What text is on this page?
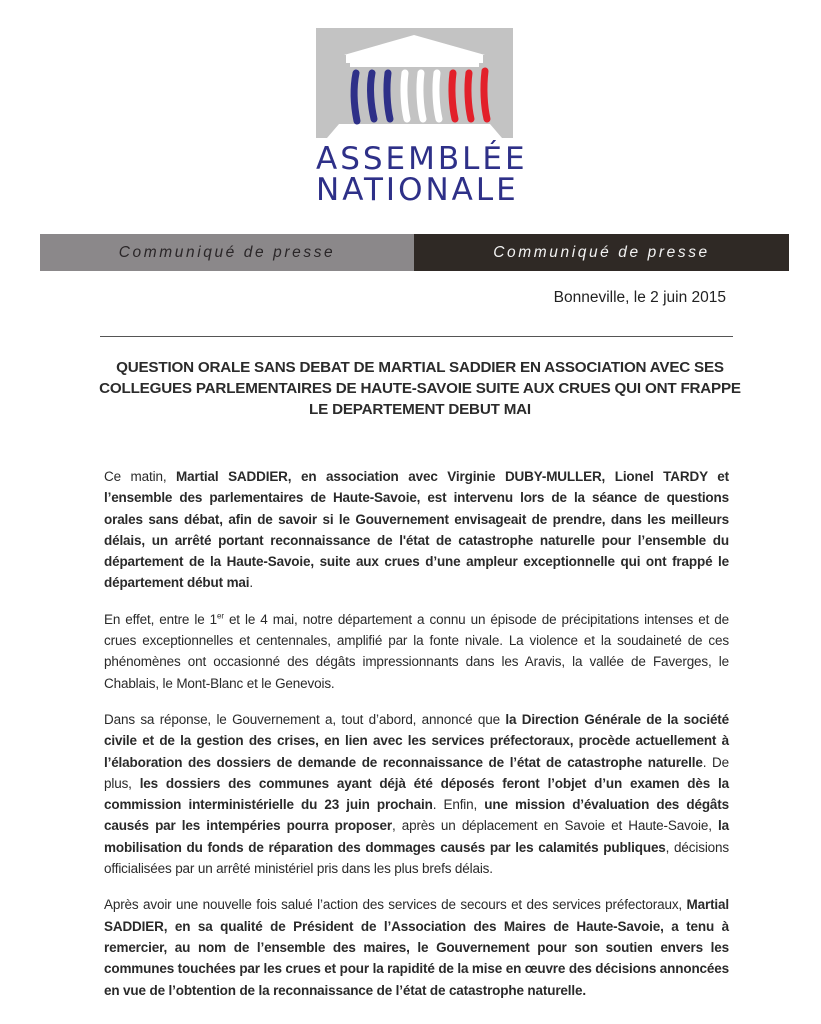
ASSEMBLÉE
NATIONALE
Communiqué de presse	Communiqué de presse
Bonneville, le 2 juin 2015
QUESTION ORALE SANS DEBAT DE MARTIAL SADDIER EN ASSOCIATION AVEC SES COLLEGUES PARLEMENTAIRES DE HAUTE-SAVOIE SUITE AUX CRUES QUI ONT FRAPPE LE DEPARTEMENT DEBUT MAI

Ce matin, Martial SADDIER, en association avec Virginie DUBY-MULLER, Lionel TARDY et l’ensemble des parlementaires de Haute-Savoie, est intervenu lors de la séance de questions orales sans débat, afin de savoir si le Gouvernement envisageait de prendre, dans les meilleurs délais, un arrêté portant reconnaissance de l'état de catastrophe naturelle pour l’ensemble du département de la Haute-Savoie, suite aux crues d’une ampleur exceptionnelle qui ont frappé le département début mai.

En effet, entre le 1er et le 4 mai, notre département a connu un épisode de précipitations intenses et de crues exceptionnelles et centennales, amplifié par la fonte nivale. La violence et la soudaineté de ces phénomènes ont occasionné des dégâts impressionnants dans les Aravis, la vallée de Faverges, le Chablais, le Mont-Blanc et le Genevois.

Dans sa réponse, le Gouvernement a, tout d’abord, annoncé que la Direction Générale de la société civile et de la gestion des crises, en lien avec les services préfectoraux, procède actuellement à l’élaboration des dossiers de demande de reconnaissance de l’état de catastrophe naturelle. De plus, les dossiers des communes ayant déjà été déposés feront l’objet d’un examen dès la commission interministérielle du 23 juin prochain. Enfin, une mission d’évaluation des dégâts causés par les intempéries pourra proposer, après un déplacement en Savoie et Haute-Savoie, la mobilisation du fonds de réparation des dommages causés par les calamités publiques, décisions officialisées par un arrêté ministériel pris dans les plus brefs délais.

Après avoir une nouvelle fois salué l’action des services de secours et des services préfectoraux, Martial SADDIER, en sa qualité de Président de l’Association des Maires de Haute-Savoie, a tenu à remercier, au nom de l’ensemble des maires, le Gouvernement pour son soutien envers les communes touchées par les crues et pour la rapidité de la mise en œuvre des décisions annoncées en vue de l’obtention de la reconnaissance de l’état de catastrophe naturelle.
